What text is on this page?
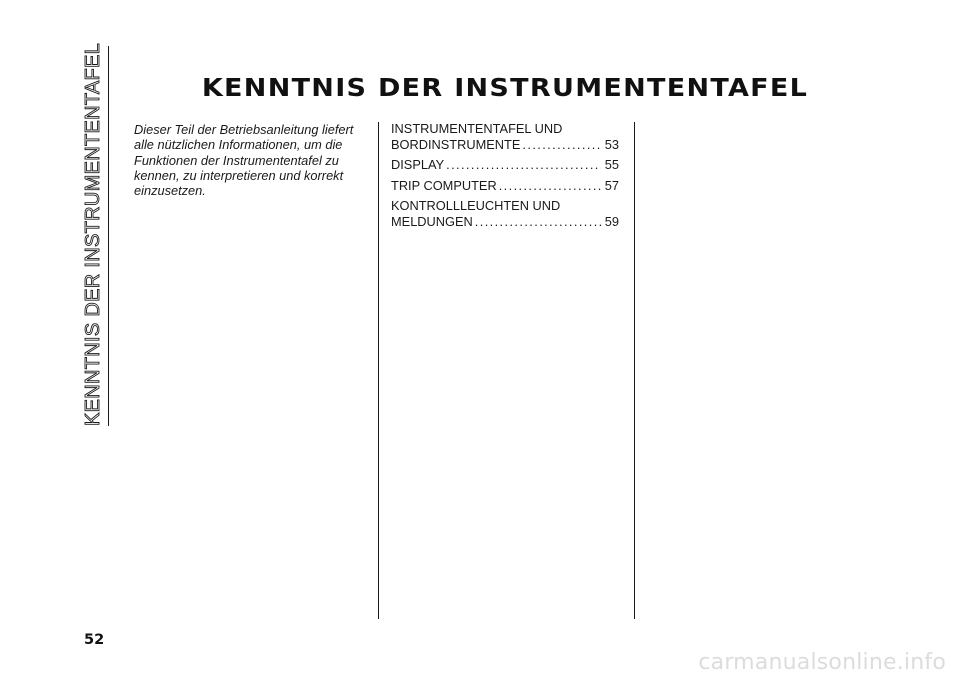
KENNTNIS DER INSTRUMENTENTAFEL	KENNTNIS DER INSTRUMENTENTAFEL

Dieser Teil der Betriebsanleitung liefert alle nützlichen Informationen, um die Funktionen der Instrumententafel zu kennen, zu interpretieren und korrekt einzusetzen.

INSTRUMENTENTAFEL UND
BORDINSTRUMENTE .....	53
DISPLAY .....	55
TRIP COMPUTER .....	57
KONTROLLLEUCHTEN UND
MELDUNGEN .....	59
52
carmanualsonline.info
